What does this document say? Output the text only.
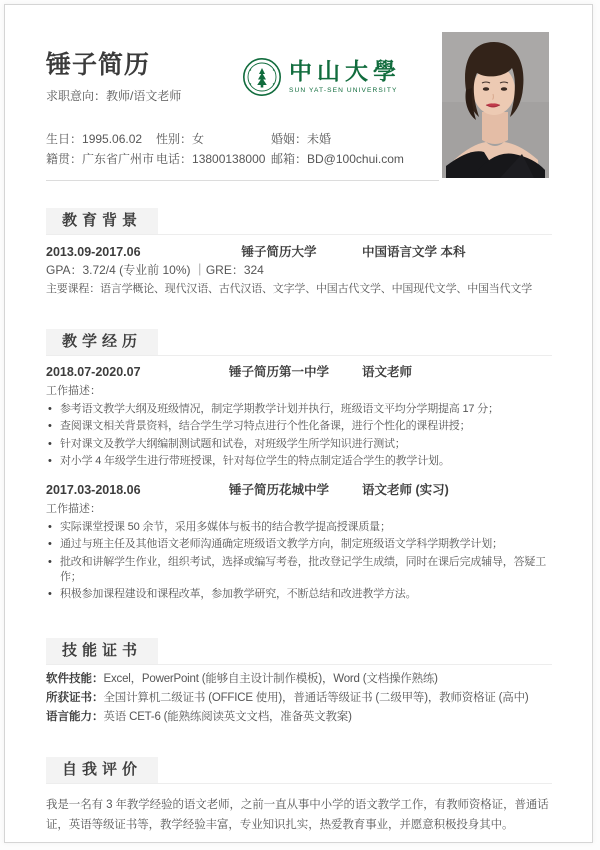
锤子简历
求职意向：教师/语文老师
中山大學
SUN YAT-SEN UNIVERSITY
生日：1995.06.02	性别：女	婚姻：未婚
籍贯：广东省广州市 电话：13800138000 邮箱：BD@100chui.com
教育背景
2013.09-2017.06	锤子简历大学	中国语言文学 本科
GPA：3.72/4 (专业前 10%) ｜GRE：324
主要课程：语言学概论、现代汉语、古代汉语、文字学、中国古代文学、中国现代文学、中国当代文学
教学经历
2018.07-2020.07	锤子简历第一中学	语文老师
工作描述：
• 参考语文教学大纲及班级情况，制定学期教学计划并执行，班级语文平均分学期提高 17 分；
• 查阅课文相关背景资料，结合学生学习特点进行个性化备课，进行个性化的课程讲授；
• 针对课文及教学大纲编制测试题和试卷，对班级学生所学知识进行测试；
• 对小学 4 年级学生进行带班授课，针对每位学生的特点制定适合学生的教学计划。
2017.03-2018.06	锤子简历花城中学	语文老师 (实习)
工作描述：
• 实际课堂授课 50 余节，采用多媒体与板书的结合教学提高授课质量；
• 通过与班主任及其他语文老师沟通确定班级语文教学方向，制定班级语文学科学期教学计划；
• 批改和讲解学生作业，组织考试，选择或编写考卷，批改登记学生成绩，同时在课后完成辅导，答疑工作；
• 积极参加课程建设和课程改革，参加教学研究，不断总结和改进教学方法。
技能证书
软件技能：Excel，PowerPoint (能够自主设计制作模板)，Word (文档操作熟练)
所获证书：全国计算机二级证书 (OFFICE 使用)，普通话等级证书 (二级甲等)，教师资格证 (高中)
语言能力：英语 CET-6 (能熟练阅读英文文档，准备英文教案)
自我评价
我是一名有 3 年教学经验的语文老师，之前一直从事中小学的语文教学工作，有教师资格证，普通话证，英语等级证书等，教学经验丰富，专业知识扎实，热爱教育事业，并愿意积极投身其中。
